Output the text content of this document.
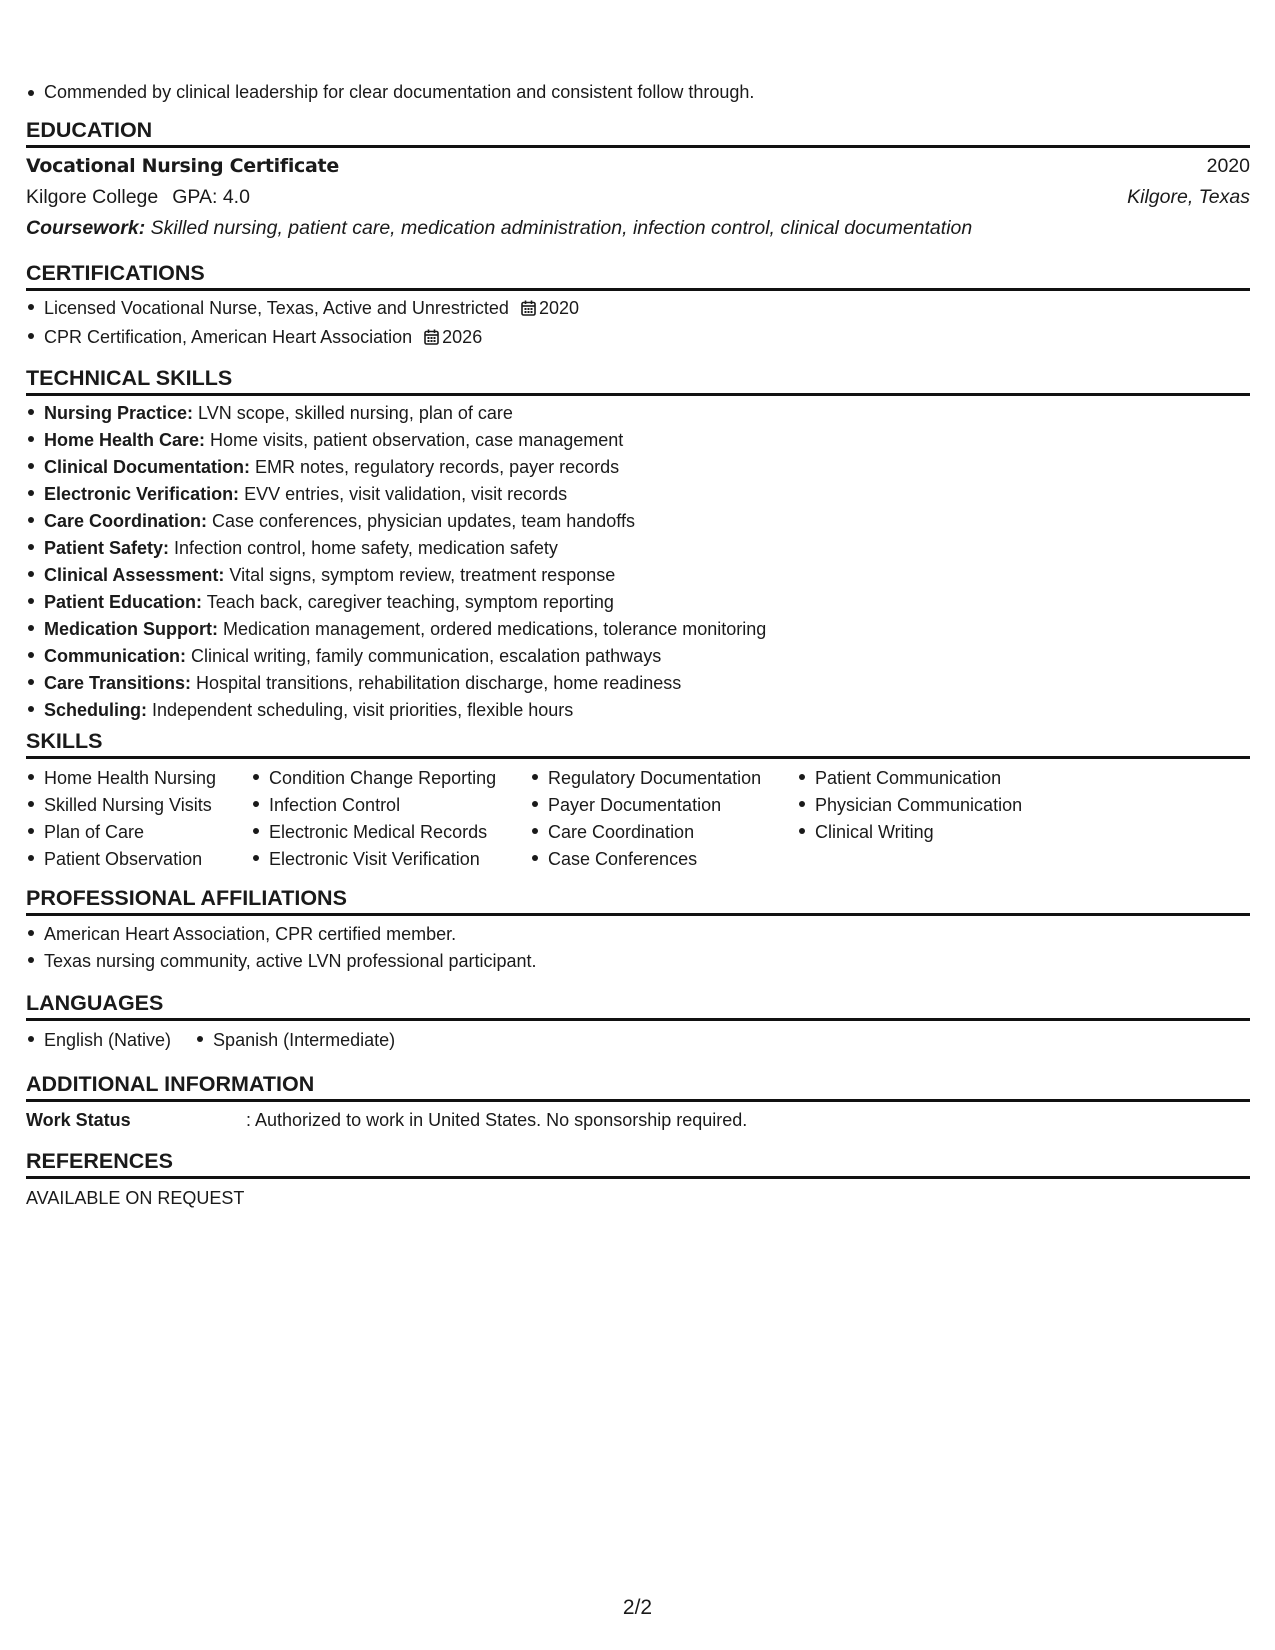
Commended by clinical leadership for clear documentation and consistent follow through.
EDUCATION
Vocational Nursing Certificate	2020
Kilgore College GPA: 4.0	Kilgore, Texas
Coursework: Skilled nursing, patient care, medication administration, infection control, clinical documentation
CERTIFICATIONS
Licensed Vocational Nurse, Texas, Active and Unrestricted 2020
CPR Certification, American Heart Association 2026
TECHNICAL SKILLS
Nursing Practice: LVN scope, skilled nursing, plan of care
Home Health Care: Home visits, patient observation, case management
Clinical Documentation: EMR notes, regulatory records, payer records
Electronic Verification: EVV entries, visit validation, visit records
Care Coordination: Case conferences, physician updates, team handoffs
Patient Safety: Infection control, home safety, medication safety
Clinical Assessment: Vital signs, symptom review, treatment response
Patient Education: Teach back, caregiver teaching, symptom reporting
Medication Support: Medication management, ordered medications, tolerance monitoring
Communication: Clinical writing, family communication, escalation pathways
Care Transitions: Hospital transitions, rehabilitation discharge, home readiness
Scheduling: Independent scheduling, visit priorities, flexible hours
SKILLS
Home Health Nursing
Skilled Nursing Visits
Plan of Care
Patient Observation
Condition Change Reporting
Infection Control
Electronic Medical Records
Electronic Visit Verification
Regulatory Documentation
Payer Documentation
Care Coordination
Case Conferences
Patient Communication
Physician Communication
Clinical Writing
PROFESSIONAL AFFILIATIONS
American Heart Association, CPR certified member.
Texas nursing community, active LVN professional participant.
LANGUAGES
English (Native)	Spanish (Intermediate)
ADDITIONAL INFORMATION
Work Status	: Authorized to work in United States. No sponsorship required.
REFERENCES
AVAILABLE ON REQUEST
2/2
